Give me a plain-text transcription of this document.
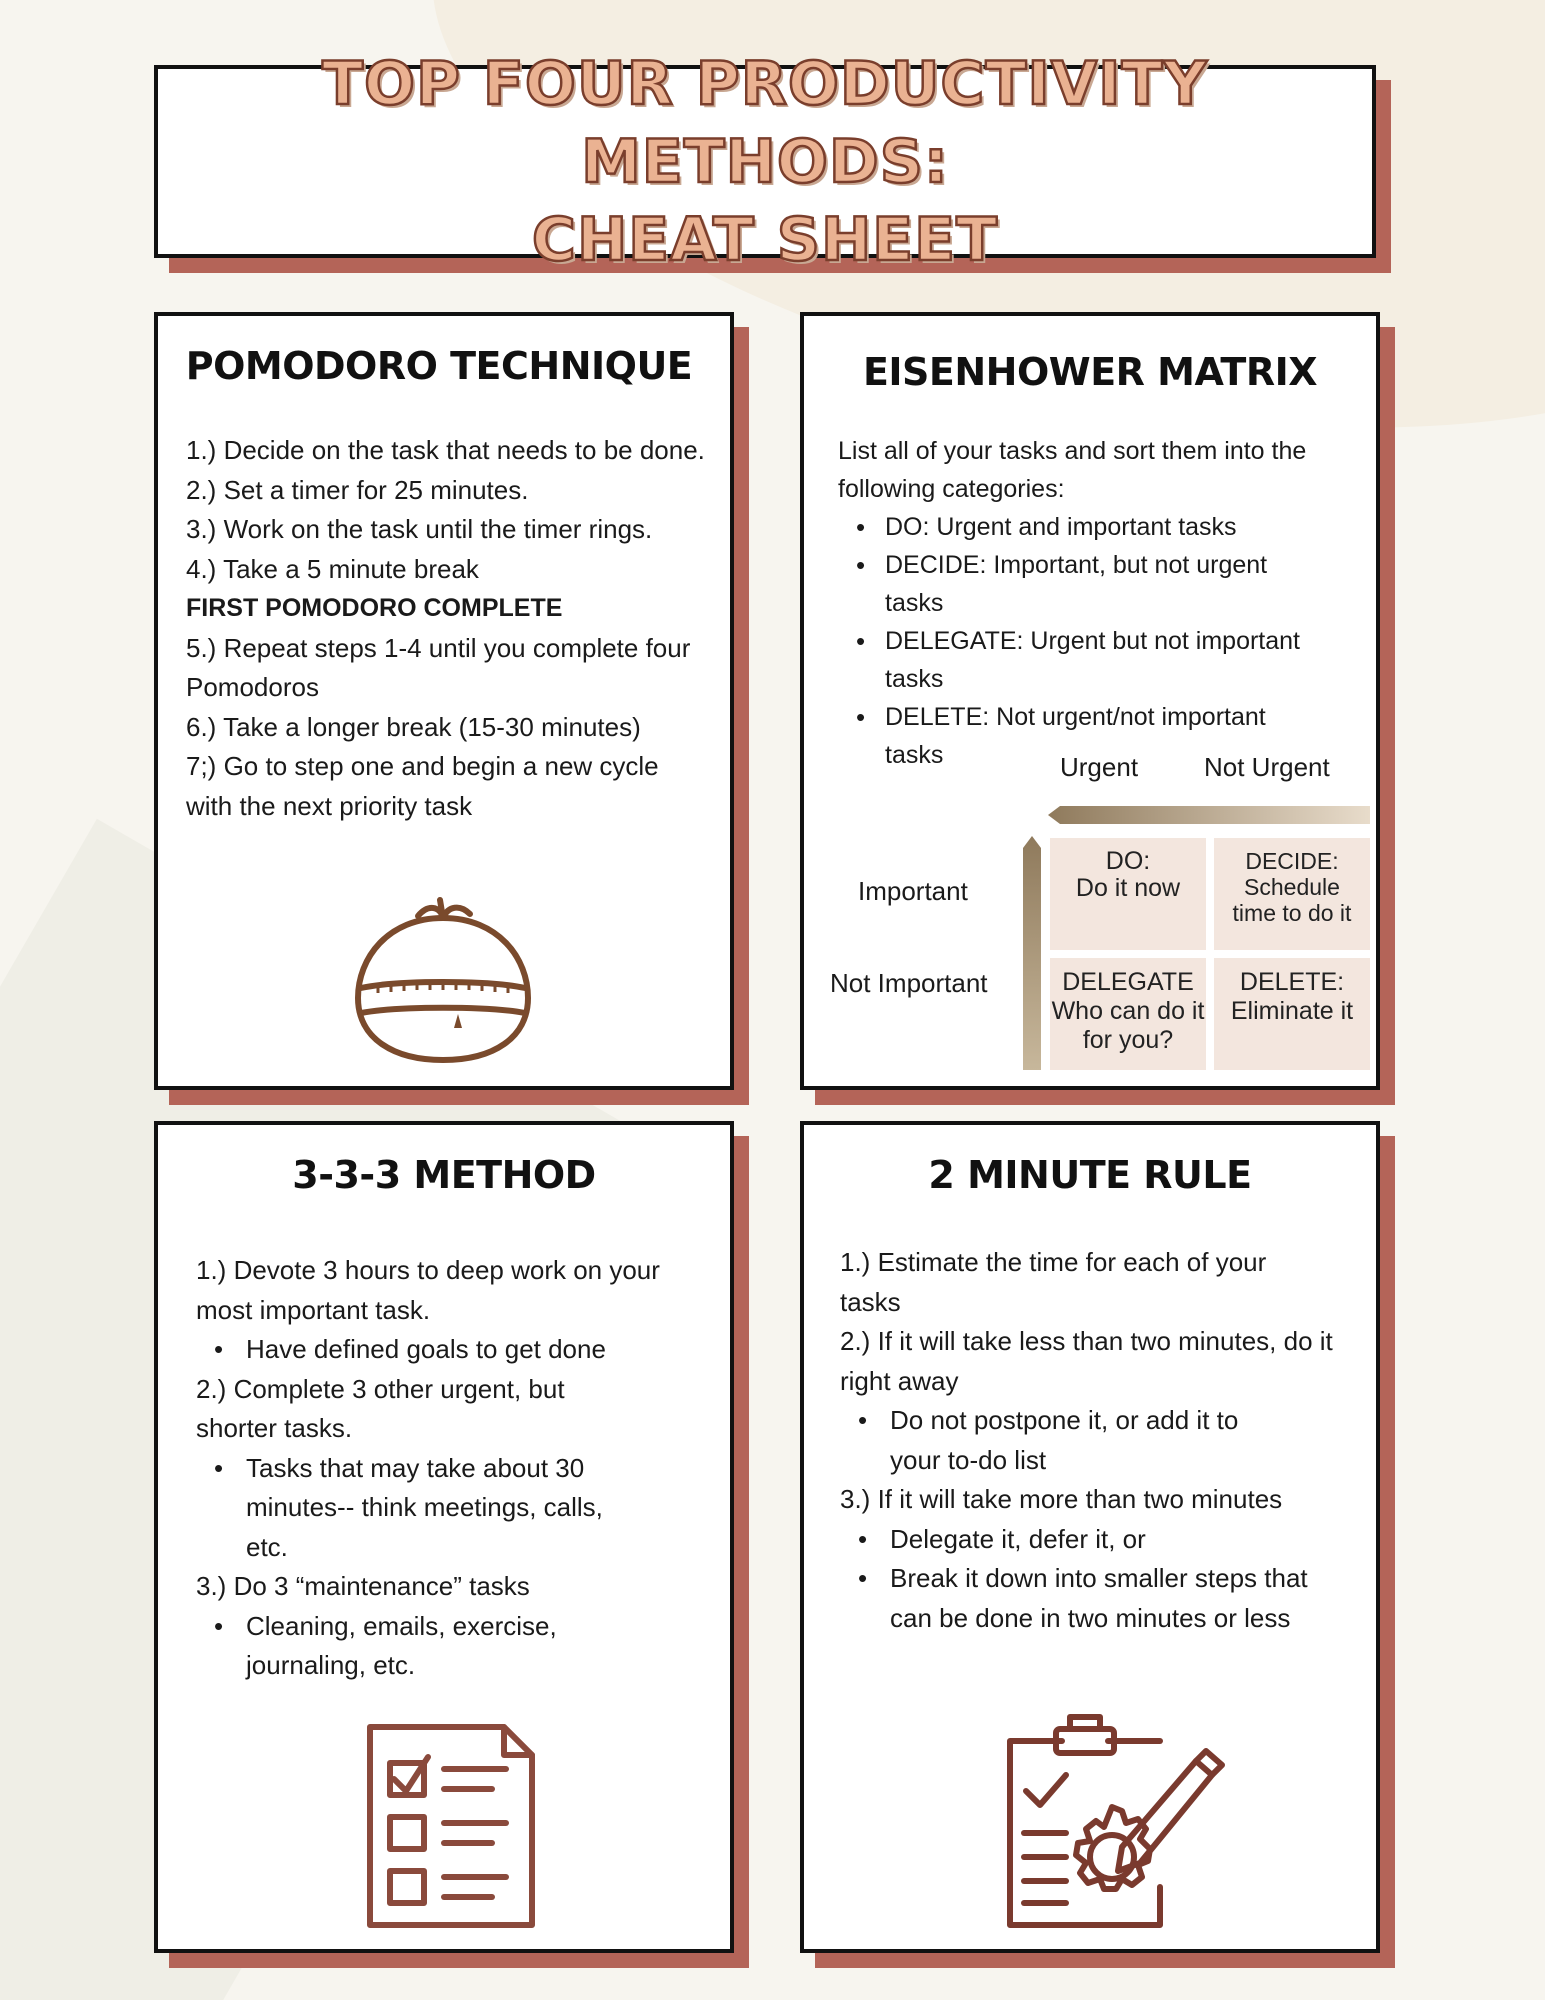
TOP FOUR PRODUCTIVITY METHODS:
CHEAT SHEET
POMODORO TECHNIQUE

1.) Decide on the task that needs to be done.

2.) Set a timer for 25 minutes.

3.) Work on the task until the timer rings.

4.) Take a 5 minute break

FIRST POMODORO COMPLETE

5.) Repeat steps 1-4 until you complete four Pomodoros

6.) Take a longer break (15-30 minutes)

7;) Go to step one and begin a new cycle with the next priority task

EISENHOWER MATRIX

List all of your tasks and sort them into the following categories:

• DO: Urgent and important tasks
• DECIDE: Important, but not urgent tasks
• DELEGATE: Urgent but not important tasks
• DELETE: Not urgent/not important tasks	Urgent	Not Urgent
Important
Not Important
DO:
Do it now
DECIDE:
Schedule time to do it
DELEGATE
Who can do it for you?
DELETE:
Eliminate it
3-3-3 METHOD

1.) Devote 3 hours to deep work on your most important task.

• Have defined goals to get done

2.) Complete 3 other urgent, but shorter tasks.

• Tasks that may take about 30 minutes-- think meetings, calls, etc.

3.) Do 3 “maintenance” tasks

• Cleaning, emails, exercise, journaling, etc.
2 MINUTE RULE

1.) Estimate the time for each of your tasks

2.) If it will take less than two minutes, do it right away

• Do not postpone it, or add it to your to-do list

3.) If it will take more than two minutes

• Delegate it, defer it, or
• Break it down into smaller steps that can be done in two minutes or less
